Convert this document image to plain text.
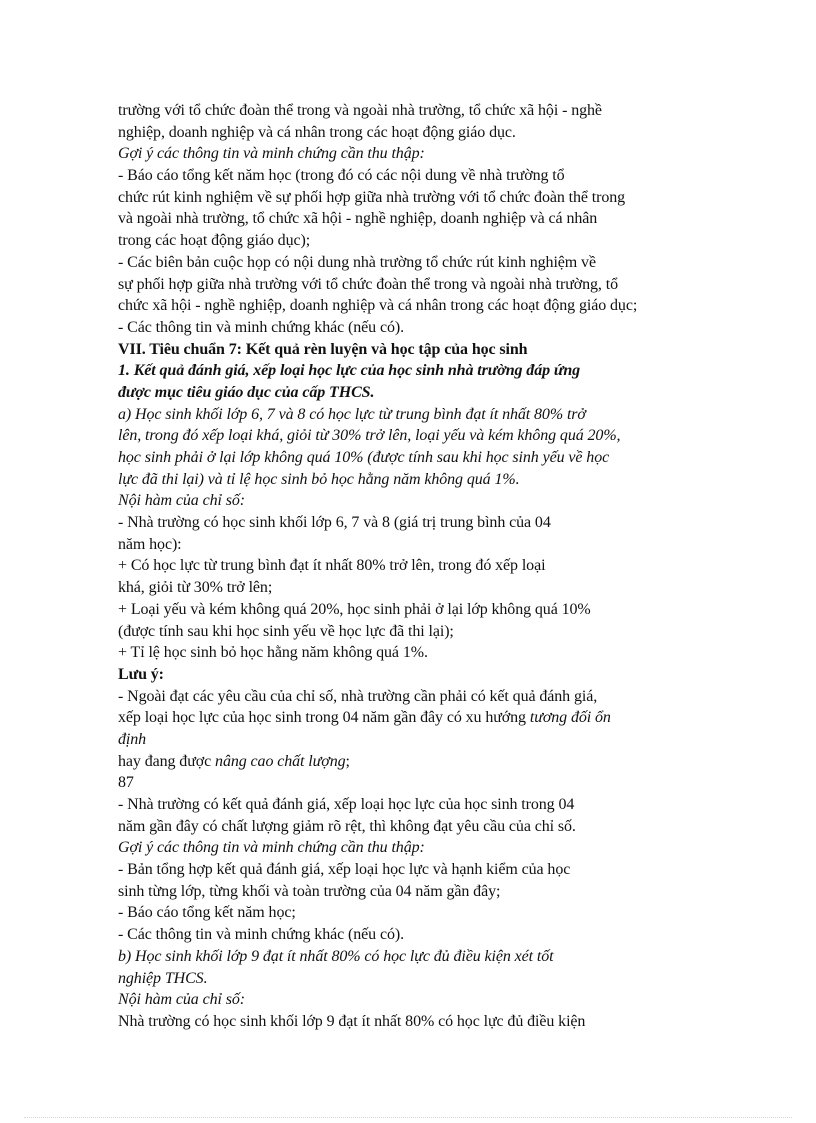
trường với tổ chức đoàn thể trong và ngoài nhà trường, tổ chức xã hội - nghề
nghiệp, doanh nghiệp và cá nhân trong các hoạt động giáo dục.
Gợi ý các thông tin và minh chứng cần thu thập:
- Báo cáo tổng kết năm học (trong đó có các nội dung về nhà trường tổ
chức rút kinh nghiệm về sự phối hợp giữa nhà trường với tổ chức đoàn thể trong
và ngoài nhà trường, tổ chức xã hội - nghề nghiệp, doanh nghiệp và cá nhân
trong các hoạt động giáo dục);
- Các biên bản cuộc họp có nội dung nhà trường tổ chức rút kinh nghiệm về
sự phối hợp giữa nhà trường với tổ chức đoàn thể trong và ngoài nhà trường, tổ
chức xã hội - nghề nghiệp, doanh nghiệp và cá nhân trong các hoạt động giáo dục;
- Các thông tin và minh chứng khác (nếu có).
VII. Tiêu chuẩn 7: Kết quả rèn luyện và học tập của học sinh
1. Kết quả đánh giá, xếp loại học lực của học sinh nhà trường đáp ứng
được mục tiêu giáo dục của cấp THCS.
a) Học sinh khối lớp 6, 7 và 8 có học lực từ trung bình đạt ít nhất 80% trở
lên, trong đó xếp loại khá, giỏi từ 30% trở lên, loại yếu và kém không quá 20%,
học sinh phải ở lại lớp không quá 10% (được tính sau khi học sinh yếu về học
lực đã thi lại) và tỉ lệ học sinh bỏ học hằng năm không quá 1%.
Nội hàm của chỉ số:
- Nhà trường có học sinh khối lớp 6, 7 và 8 (giá trị trung bình của 04
năm học):
+ Có học lực từ trung bình đạt ít nhất 80% trở lên, trong đó xếp loại
khá, giỏi từ 30% trở lên;
+ Loại yếu và kém không quá 20%, học sinh phải ở lại lớp không quá 10%
(được tính sau khi học sinh yếu về học lực đã thi lại);
+ Tỉ lệ học sinh bỏ học hằng năm không quá 1%.
Lưu ý:
- Ngoài đạt các yêu cầu của chỉ số, nhà trường cần phải có kết quả đánh giá,
xếp loại học lực của học sinh trong 04 năm gần đây có xu hướng tương đối ổn
định
hay đang được nâng cao chất lượng;
87
- Nhà trường có kết quả đánh giá, xếp loại học lực của học sinh trong 04
năm gần đây có chất lượng giảm rõ rệt, thì không đạt yêu cầu của chỉ số.
Gợi ý các thông tin và minh chứng cần thu thập:
- Bản tổng hợp kết quả đánh giá, xếp loại học lực và hạnh kiểm của học
sinh từng lớp, từng khối và toàn trường của 04 năm gần đây;
- Báo cáo tổng kết năm học;
- Các thông tin và minh chứng khác (nếu có).
b) Học sinh khối lớp 9 đạt ít nhất 80% có học lực đủ điều kiện xét tốt
nghiệp THCS.
Nội hàm của chỉ số:
Nhà trường có học sinh khối lớp 9 đạt ít nhất 80% có học lực đủ điều kiện
